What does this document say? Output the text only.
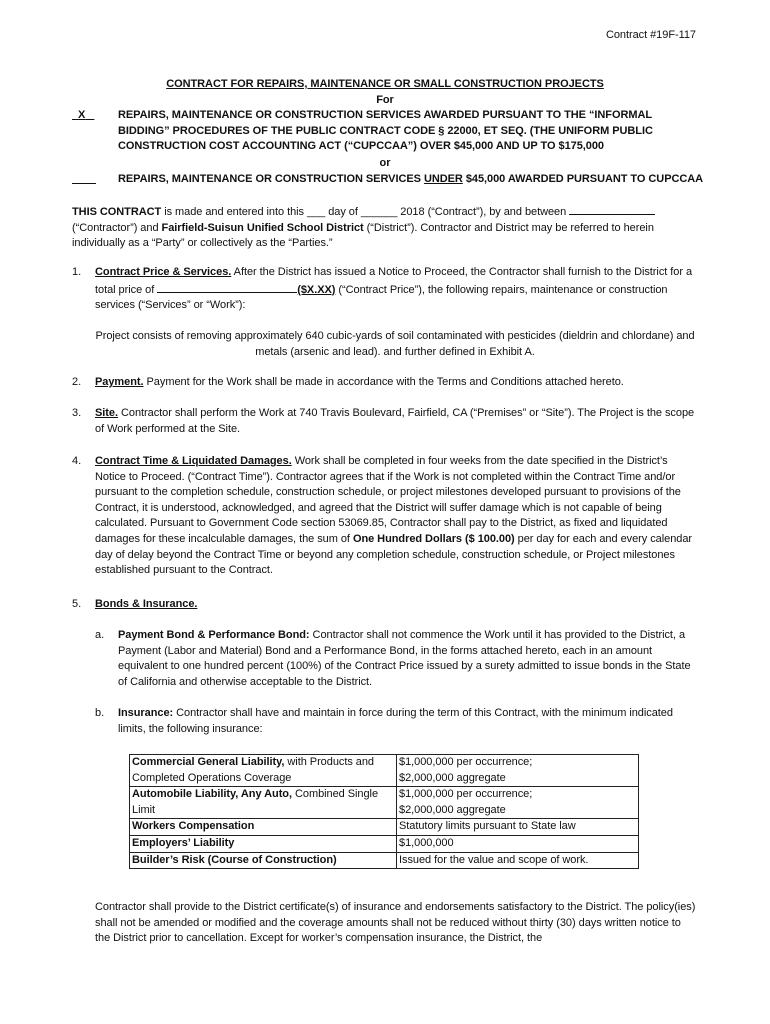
Contract #19F-117
CONTRACT FOR REPAIRS, MAINTENANCE OR SMALL CONSTRUCTION PROJECTS
For
X	REPAIRS, MAINTENANCE OR CONSTRUCTION SERVICES AWARDED PURSUANT TO THE “INFORMAL BIDDING” PROCEDURES OF THE PUBLIC CONTRACT CODE § 22000, ET SEQ. (THE UNIFORM PUBLIC CONSTRUCTION COST ACCOUNTING ACT (“CUPCCAA”) OVER $45,000 AND UP TO $175,000
or
REPAIRS, MAINTENANCE OR CONSTRUCTION SERVICES UNDER $45,000 AWARDED PURSUANT TO CUPCCAA
THIS CONTRACT is made and entered into this ___ day of ______ 2018 (“Contract”), by and between  (“Contractor”) and Fairfield-Suisun Unified School District (“District”). Contractor and District may be referred to herein individually as a “Party” or collectively as the “Parties.”
1. Contract Price & Services. After the District has issued a Notice to Proceed, the Contractor shall furnish to the District for a total price of	($X.XX) (“Contract Price”), the following repairs, maintenance or construction services (“Services” or “Work”):
Project consists of removing approximately 640 cubic-yards of soil contaminated with pesticides (dieldrin and chlordane) and metals (arsenic and lead). and further defined in Exhibit A.
2. Payment. Payment for the Work shall be made in accordance with the Terms and Conditions attached hereto.
3. Site. Contractor shall perform the Work at 740 Travis Boulevard, Fairfield, CA (“Premises” or “Site”). The Project is the scope of Work performed at the Site.
4. Contract Time & Liquidated Damages. Work shall be completed in four weeks from the date specified in the District’s Notice to Proceed. (“Contract Time”). Contractor agrees that if the Work is not completed within the Contract Time and/or pursuant to the completion schedule, construction schedule, or project milestones developed pursuant to provisions of the Contract, it is understood, acknowledged, and agreed that the District will suffer damage which is not capable of being calculated. Pursuant to Government Code section 53069.85, Contractor shall pay to the District, as fixed and liquidated damages for these incalculable damages, the sum of One Hundred Dollars ($ 100.00) per day for each and every calendar day of delay beyond the Contract Time or beyond any completion schedule, construction schedule, or Project milestones established pursuant to the Contract.
5. Bonds & Insurance.
a. Payment Bond & Performance Bond: Contractor shall not commence the Work until it has provided to the District, a Payment (Labor and Material) Bond and a Performance Bond, in the forms attached hereto, each in an amount equivalent to one hundred percent (100%) of the Contract Price issued by a surety admitted to issue bonds in the State of California and otherwise acceptable to the District.
b. Insurance: Contractor shall have and maintain in force during the term of this Contract, with the minimum indicated limits, the following insurance:
Commercial General Liability, with Products and Completed Operations Coverage	$1,000,000 per occurrence;
$2,000,000 aggregate

Automobile Liability, Any Auto, Combined Single Limit	$1,000,000 per occurrence;
$2,000,000 aggregate

Workers Compensation	Statutory limits pursuant to State law

Employers’ Liability	$1,000,000

Builder’s Risk (Course of Construction)	Issued for the value and scope of work.
Contractor shall provide to the District certificate(s) of insurance and endorsements satisfactory to the District. The policy(ies) shall not be amended or modified and the coverage amounts shall not be reduced without thirty (30) days written notice to the District prior to cancellation. Except for worker’s compensation insurance, the District, the
